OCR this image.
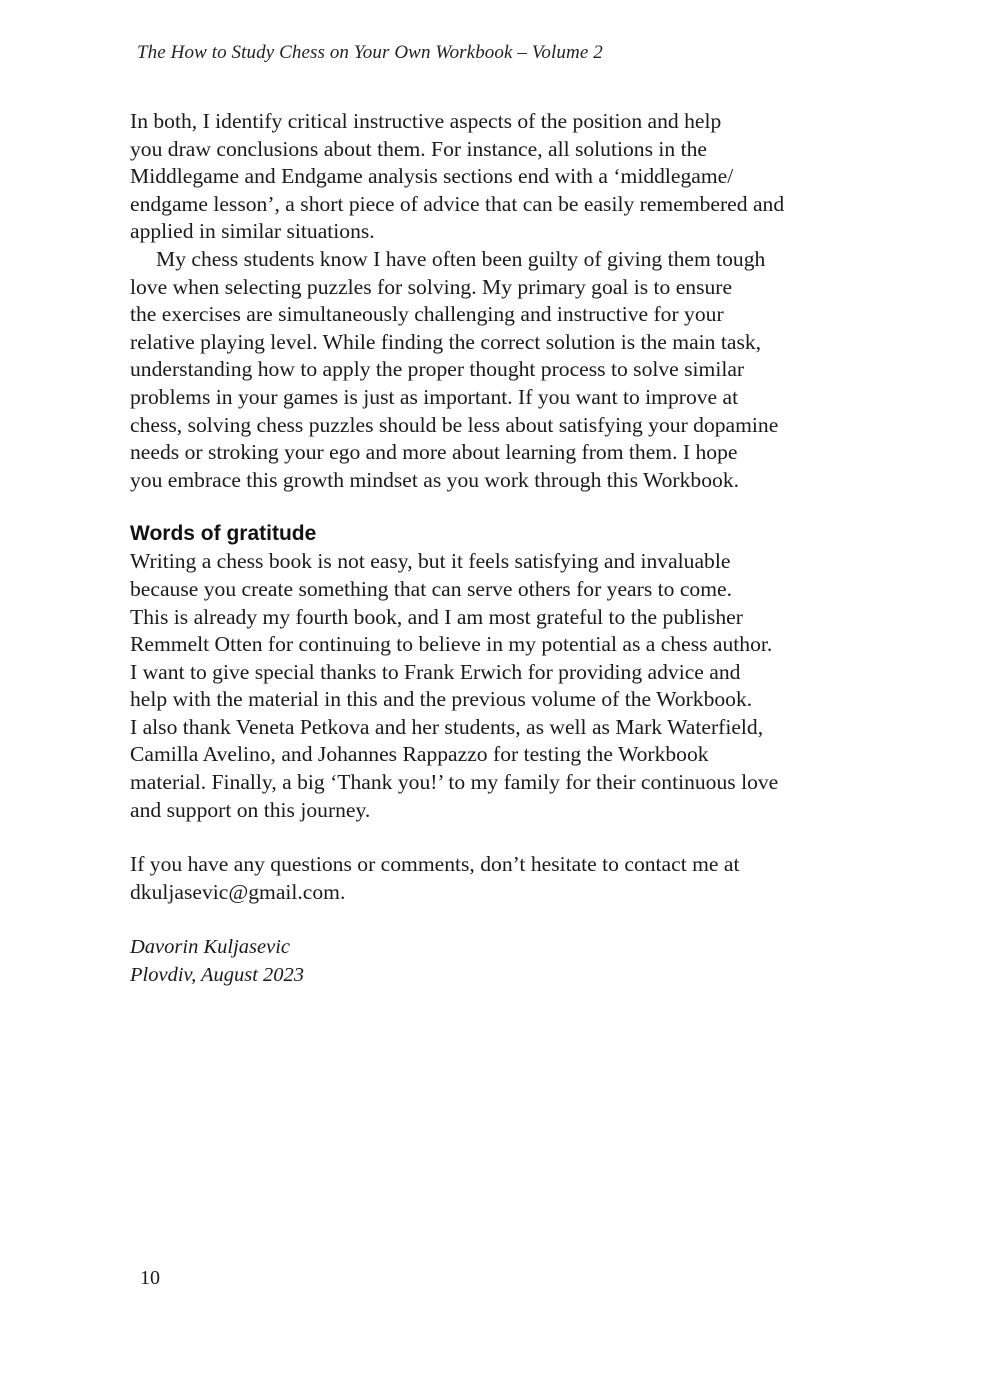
The How to Study Chess on Your Own Workbook – Volume 2
In both, I identify critical instructive aspects of the position and help
you draw conclusions about them. For instance, all solutions in the
Middlegame and Endgame analysis sections end with a ‘middlegame/
endgame lesson’, a short piece of advice that can be easily remembered and
applied in similar situations.
My chess students know I have often been guilty of giving them tough
love when selecting puzzles for solving. My primary goal is to ensure
the exercises are simultaneously challenging and instructive for your
relative playing level. While finding the correct solution is the main task,
understanding how to apply the proper thought process to solve similar
problems in your games is just as important. If you want to improve at
chess, solving chess puzzles should be less about satisfying your dopamine
needs or stroking your ego and more about learning from them. I hope
you embrace this growth mindset as you work through this Workbook.
Words of gratitude
Writing a chess book is not easy, but it feels satisfying and invaluable
because you create something that can serve others for years to come.
This is already my fourth book, and I am most grateful to the publisher
Remmelt Otten for continuing to believe in my potential as a chess author.
I want to give special thanks to Frank Erwich for providing advice and
help with the material in this and the previous volume of the Workbook.
I also thank Veneta Petkova and her students, as well as Mark Waterfield,
Camilla Avelino, and Johannes Rappazzo for testing the Workbook
material. Finally, a big ‘Thank you!’ to my family for their continuous love
and support on this journey.
If you have any questions or comments, don’t hesitate to contact me at
dkuljasevic@gmail.com.
Davorin Kuljasevic
Plovdiv, August 2023
10
